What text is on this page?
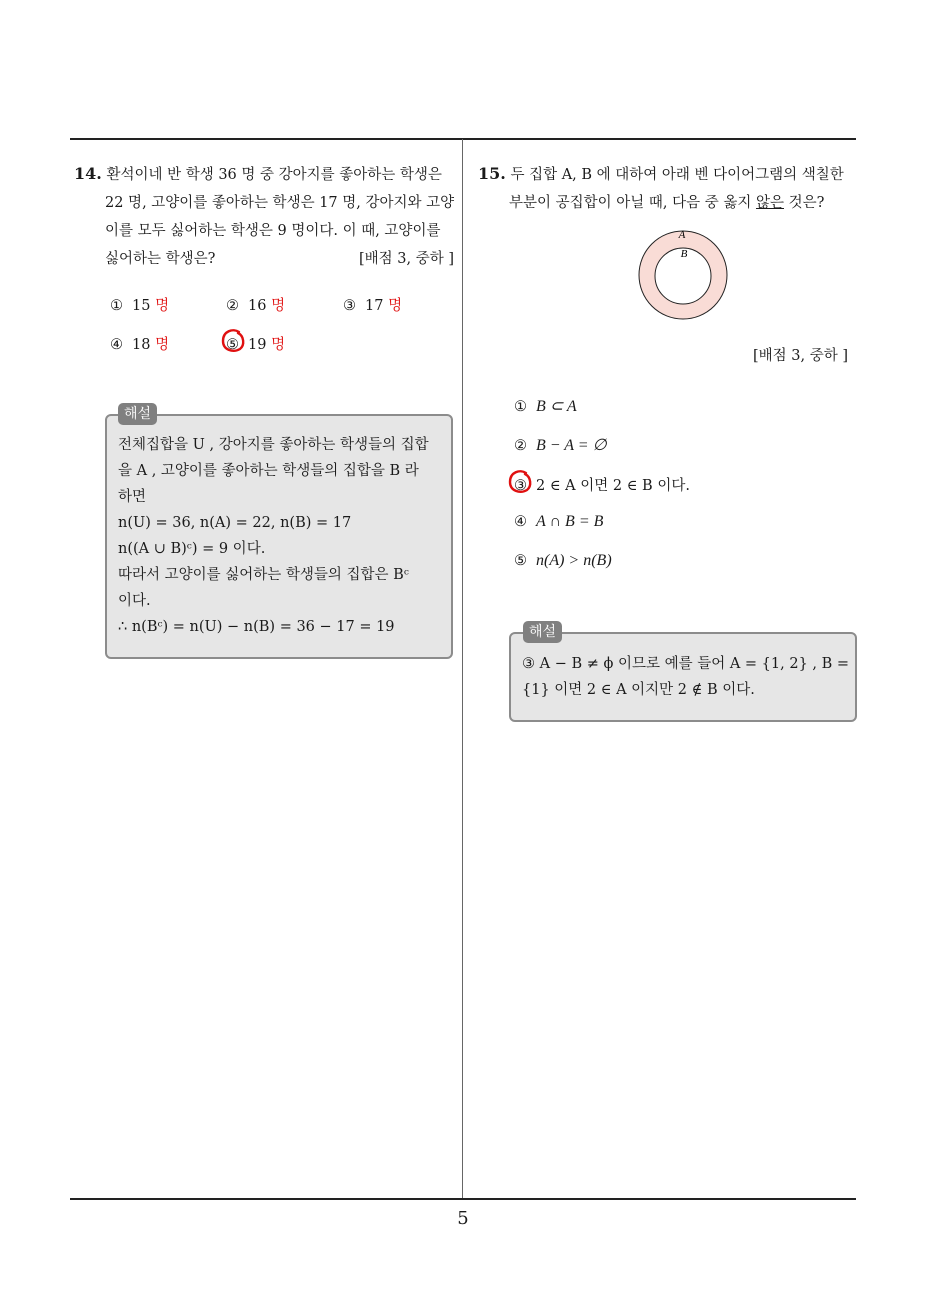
14. 환석이네 반 학생 36 명 중 강아지를 좋아하는 학생은
22 명, 고양이를 좋아하는 학생은 17 명, 강아지와 고양
이를 모두 싫어하는 학생은 9 명이다. 이 때, 고양이를
싫어하는 학생은?	[배점 3, 중하 ]
① 15 명	② 16 명	③ 17 명
④ 18 명	⑤ 19 명
해설
전체집합을 U , 강아지를 좋아하는 학생들의 집합
을 A , 고양이를 좋아하는 학생들의 집합을 B 라
하면
n(U) = 36, n(A) = 22, n(B) = 17
n((A ∪ B)ᶜ) = 9 이다.
따라서 고양이를 싫어하는 학생들의 집합은 Bᶜ
이다.
∴ n(Bᶜ) = n(U) − n(B) = 36 − 17 = 19
15. 두 집합 A, B 에 대하여 아래 벤 다이어그램의 색칠한
부분이 공집합이 아닐 때, 다음 중 옳지 않은 것은?
A
B
[배점 3, 중하 ]
① B ⊂ A
② B − A = ∅
③ 2 ∈ A 이면 2 ∈ B 이다.
④ A ∩ B = B
⑤ n(A) > n(B)
해설
③ A − B ≠ ϕ 이므로 예를 들어 A = {1, 2} , B =
{1} 이면 2 ∈ A 이지만 2 ∉ B 이다.
5
